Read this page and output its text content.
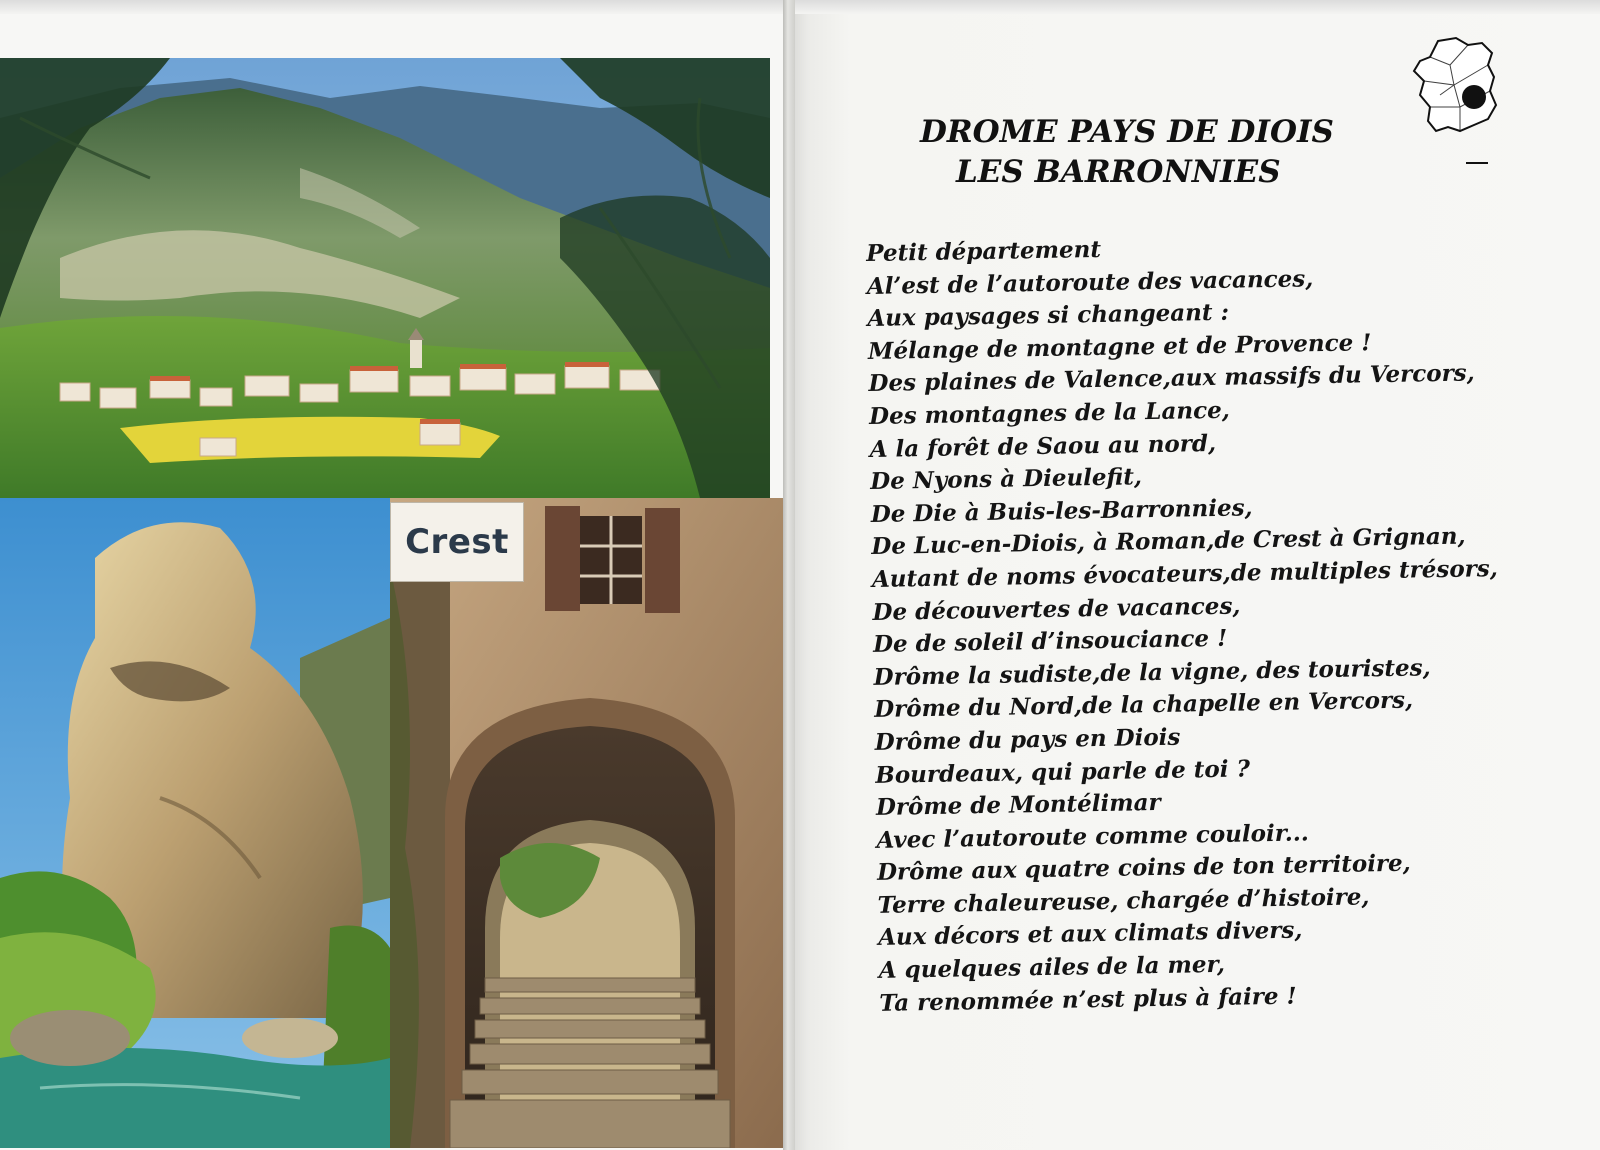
Crest
DROME PAYS DE DIOIS
LES BARRONNIES
Petit département
Al’est de l’autoroute des vacances,
Aux paysages si changeant :
Mélange de montagne et de Provence !
Des plaines de Valence,aux massifs du Vercors,
Des montagnes de la Lance,
A la forêt de Saou au nord,
De Nyons à Dieulefit,
De Die à Buis-les-Barronnies,
De Luc-en-Diois, à Roman,de Crest à Grignan,
Autant de noms évocateurs,de multiples trésors,
De découvertes de vacances,
De de soleil d’insouciance !
Drôme la sudiste,de la vigne, des touristes,
Drôme du Nord,de la chapelle en Vercors,
Drôme du pays en Diois
Bourdeaux, qui parle de toi ?
Drôme de Montélimar
Avec l’autoroute comme couloir...
Drôme aux quatre coins de ton territoire,
Terre chaleureuse, chargée d’histoire,
Aux décors et aux climats divers,
A quelques ailes de la mer,
Ta renommée n’est plus à faire !
